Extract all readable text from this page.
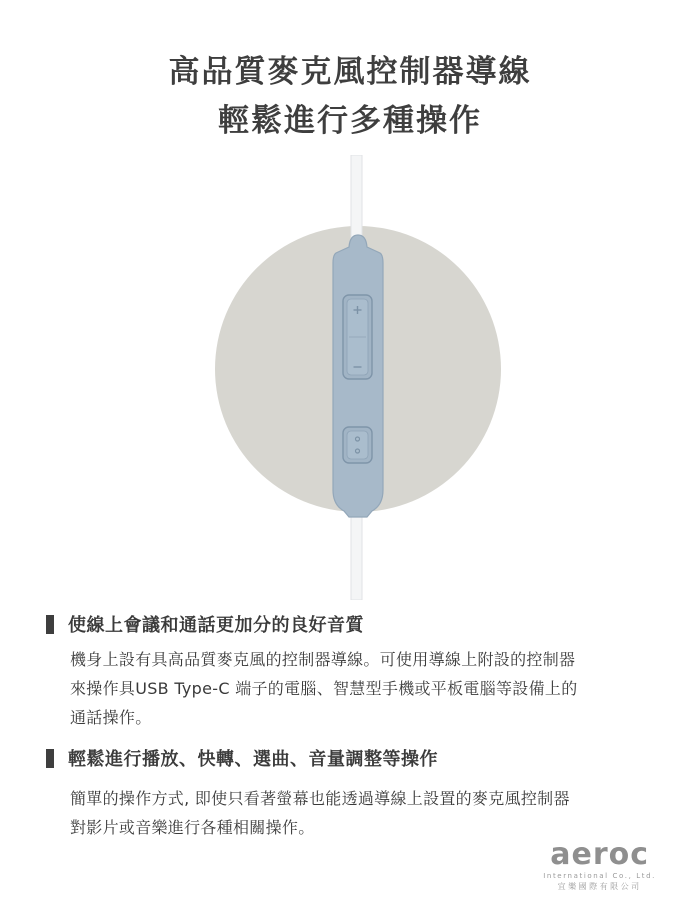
高品質麥克風控制器導線
輕鬆進行多種操作
使線上會議和通話更加分的良好音質
機身上設有具高品質麥克風的控制器導線。可使用導線上附設的控制器
來操作具USB Type-C 端子的電腦、智慧型手機或平板電腦等設備上的
通話操作。
輕鬆進行播放、快轉、選曲、音量調整等操作
簡單的操作方式, 即使只看著螢幕也能透過導線上設置的麥克風控制器
對影片或音樂進行各種相關操作。
aeroc
International Co., Ltd.
宜樂國際有限公司
